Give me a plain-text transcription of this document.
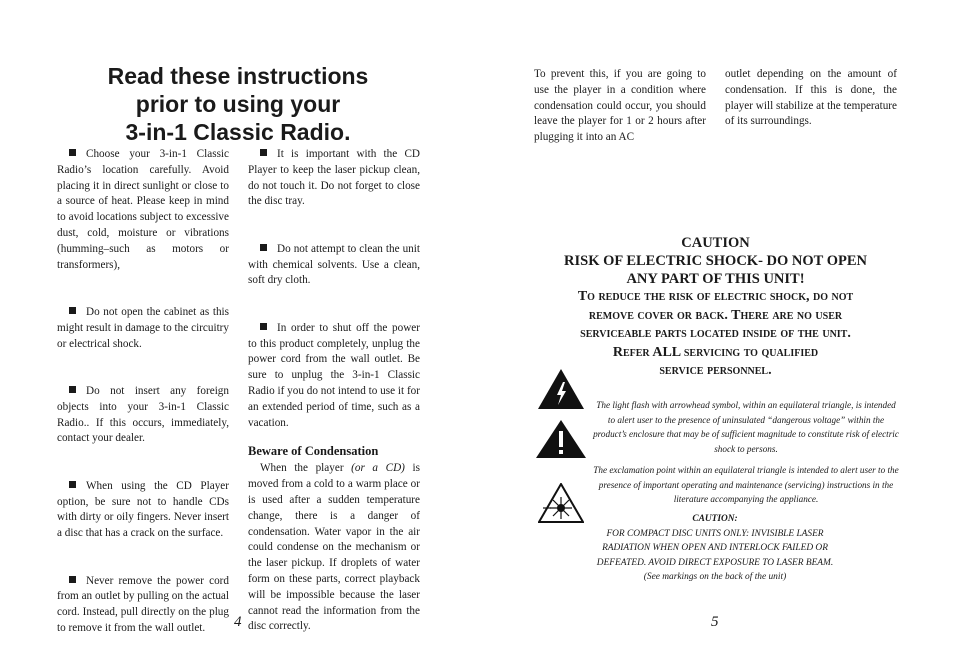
Read these instructions
prior to using your
3-in-1 Classic Radio.

Choose your 3-in-1 Classic Radio’s location carefully. Avoid placing it in direct sunlight or close to a source of heat. Please keep in mind to avoid locations subject to excessive dust, cold, moisture or vibrations (humming–such as motors or transformers),

Do not open the cabinet as this might result in damage to the circuitry or electrical shock.

Do not insert any foreign objects into your 3-in-1 Classic Radio.. If this occurs, immediately, contact your dealer.

When using the CD Player option, be sure not to handle CDs with dirty or oily fingers. Never insert a disc that has a crack on the surface.

Never remove the power cord from an outlet by pulling on the actual cord. Instead, pull directly on the plug to remove it from the wall outlet.

It is important with the CD Player to keep the laser pickup clean, do not touch it. Do not forget to close the disc tray.

Do not attempt to clean the unit with chemical solvents. Use a clean, soft dry cloth.

In order to shut off the power to this product completely, unplug the power cord from the wall outlet. Be sure to unplug the 3-in-1 Classic Radio if you do not intend to use it for an extended period of time, such as a vacation.

Beware of Condensation

When the player (or a CD) is moved from a cold to a warm place or is used after a sudden temperature change, there is a danger of condensation. Water vapor in the air could condense on the mechanism or the laser pickup. If droplets of water form on these parts, correct playback will be impossible because the laser cannot read the information from the disc correctly.

4
To prevent this, if you are going to use the player in a condition where condensation could occur, you should leave the player for 1 or 2 hours after plugging it into an AC
outlet depending on the amount of condensation. If this is done, the player will stabilize at the temperature of its surroundings.

CAUTION

RISK OF ELECTRIC SHOCK- DO NOT OPEN

ANY PART OF THIS UNIT!

To reduce the risk of electric shock, do not

remove cover or back. There are no user

serviceable parts located inside of the unit.

Refer ALL servicing to qualified

service personnel.

The light flash with arrowhead symbol, within an equilateral triangle, is intended to alert user to the presence of uninsulated “dangerous voltage” within the product’s enclosure that may be of sufficient magnitude to constitute risk of electric shock to persons.
The exclamation point within an equilateral triangle is intended to alert user to the presence of important operating and maintenance (servicing) instructions in the literature accompanying the appliance.
CAUTION:
FOR COMPACT DISC UNITS ONLY: INVISIBLE LASER
RADIATION WHEN OPEN AND INTERLOCK FAILED OR
DEFEATED. AVOID DIRECT EXPOSURE TO LASER BEAM.
(See markings on the back of the unit)
5
